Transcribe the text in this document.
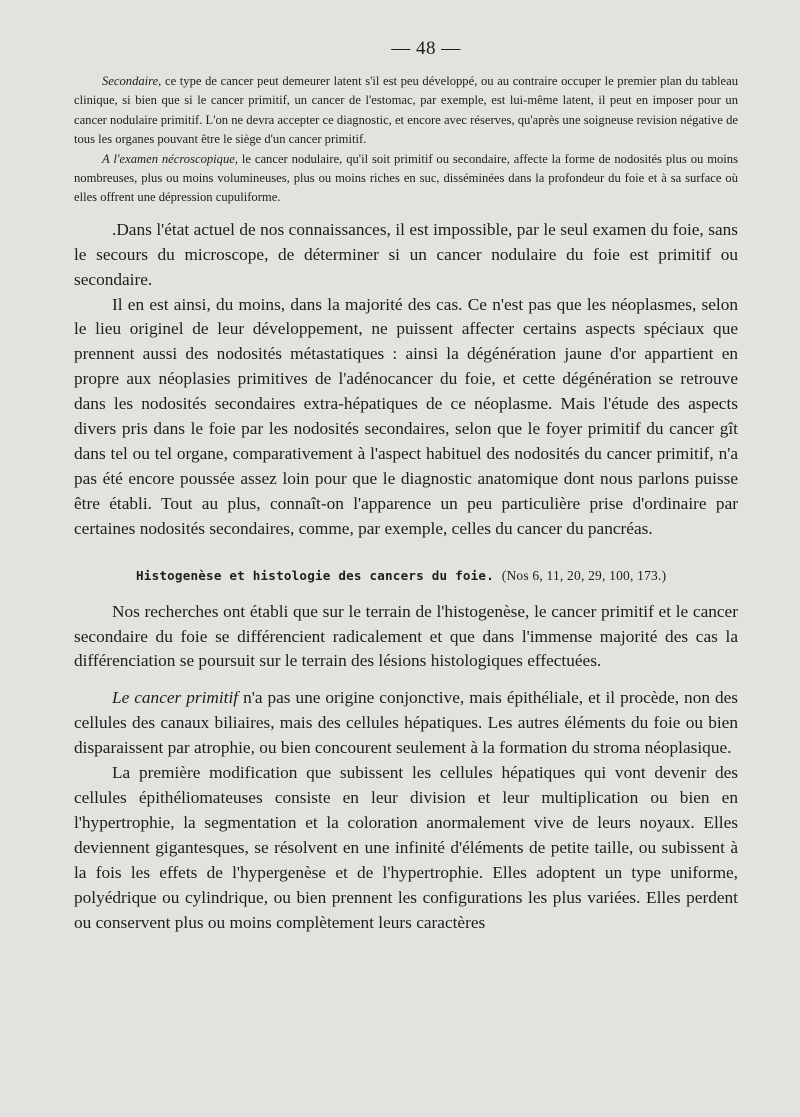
— 48 —

Secondaire, ce type de cancer peut demeurer latent s'il est peu développé, ou au contraire occuper le premier plan du tableau clinique, si bien que si le cancer primitif, un cancer de l'estomac, par exemple, est lui-même latent, il peut en imposer pour un cancer nodulaire primitif. L'on ne devra accepter ce diagnostic, et encore avec réserves, qu'après une soigneuse revision négative de tous les organes pouvant être le siège d'un cancer primitif.

A l'examen nécroscopique, le cancer nodulaire, qu'il soit primitif ou secondaire, affecte la forme de nodosités plus ou moins nombreuses, plus ou moins volumineuses, plus ou moins riches en suc, disséminées dans la profondeur du foie et à sa surface où elles offrent une dépression cupuliforme.

.Dans l'état actuel de nos connaissances, il est impossible, par le seul examen du foie, sans le secours du microscope, de déterminer si un cancer nodulaire du foie est primitif ou secondaire.

Il en est ainsi, du moins, dans la majorité des cas. Ce n'est pas que les néoplasmes, selon le lieu originel de leur développement, ne puissent affecter certains aspects spéciaux que prennent aussi des nodosités métastatiques : ainsi la dégénération jaune d'or appartient en propre aux néoplasies primitives de l'adénocancer du foie, et cette dégénération se retrouve dans les nodosités secondaires extra-hépatiques de ce néoplasme. Mais l'étude des aspects divers pris dans le foie par les nodosités secondaires, selon que le foyer primitif du cancer gît dans tel ou tel organe, comparativement à l'aspect habituel des nodosités du cancer primitif, n'a pas été encore poussée assez loin pour que le diagnostic anatomique dont nous parlons puisse être établi. Tout au plus, connaît-on l'apparence un peu particulière prise d'ordinaire par certaines nodosités secondaires, comme, par exemple, celles du cancer du pancréas.

Histogenèse et histologie des cancers du foie. (Nos 6, 11, 20, 29, 100, 173.)

Nos recherches ont établi que sur le terrain de l'histogenèse, le cancer primitif et le cancer secondaire du foie se différencient radicalement et que dans l'immense majorité des cas la différenciation se poursuit sur le terrain des lésions histologiques effectuées.

Le cancer primitif n'a pas une origine conjonctive, mais épithéliale, et il procède, non des cellules des canaux biliaires, mais des cellules hépatiques. Les autres éléments du foie ou bien disparaissent par atrophie, ou bien concourent seulement à la formation du stroma néoplasique.

La première modification que subissent les cellules hépatiques qui vont devenir des cellules épithéliomateuses consiste en leur division et leur multiplication ou bien en l'hypertrophie, la segmentation et la coloration anormalement vive de leurs noyaux. Elles deviennent gigantesques, se résolvent en une infinité d'éléments de petite taille, ou subissent à la fois les effets de l'hypergenèse et de l'hypertrophie. Elles adoptent un type uniforme, polyédrique ou cylindrique, ou bien prennent les configurations les plus variées. Elles perdent ou conservent plus ou moins complètement leurs caractères
